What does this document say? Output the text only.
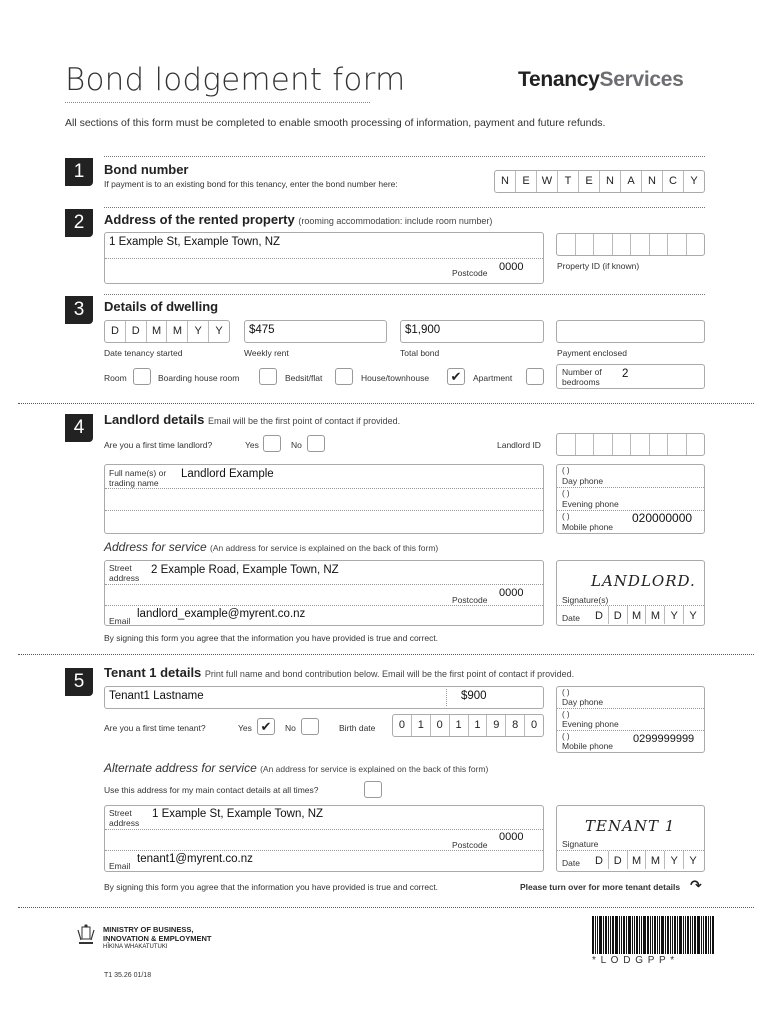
Bond lodgement form	TenancyServices
All sections of this form must be completed to enable smooth processing of information, payment and future refunds.
1	Bond number
If payment is to an existing bond for this tenancy, enter the bond number here:	N	E	W	T	E	N	A	N	C	Y
2	Address of the rented property (rooming accommodation: include room number)
1 Example St, Example Town, NZ
Postcode 0000	Property ID (if known)
3	Details of dwelling
D	D	M	M	Y	Y	$475	$1,900
Date tenancy started	Weekly rent	Total bond	Payment enclosed
Room	Boarding house room	Bedsit/flat	House/townhouse ✔	Apartment
Number of
bedrooms
2
4	Landlord details Email will be the first point of contact if provided.
Are you a first time landlord?	Yes	No	Landlord ID
Full name(s) or
trading name
Landlord Example	( )
Day phone
( )
Evening phone
( )
Mobile phone
020000000
Address for service (An address for service is explained on the back of this form)
Street
address
2 Example Road, Example Town, NZ
Postcode
0000
Email
landlord_example@myrent.co.nz
LANDLORD.
Signature(s)
Date	D D M M Y	Y
By signing this form you agree that the information you have provided is true and correct.
5	Tenant 1 details Print full name and bond contribution below. Email will be the first point of contact if provided.
Tenant1 Lastname	$900
Are you a first time tenant?	Yes ✔	No	Birth date	0	1	0	1	1	9	8	0
( )
Day phone
( )
Evening phone
( )
Mobile phone
0299999999
Alternate address for service (An address for service is explained on the back of this form)
Use this address for my main contact details at all times?
Street
address
1 Example St, Example Town, NZ
Postcode
0000
Email
tenant1@myrent.co.nz
TENANT 1
Signature
Date	D D M M Y	Y
By signing this form you agree that the information you have provided is true and correct.	Please turn over for more tenant details ↷
MINISTRY OF BUSINESS,
INNOVATION & EMPLOYMENT
HĪKINA WHAKATUTUKI
T1 35.26 01/18
* L O D G P P *
